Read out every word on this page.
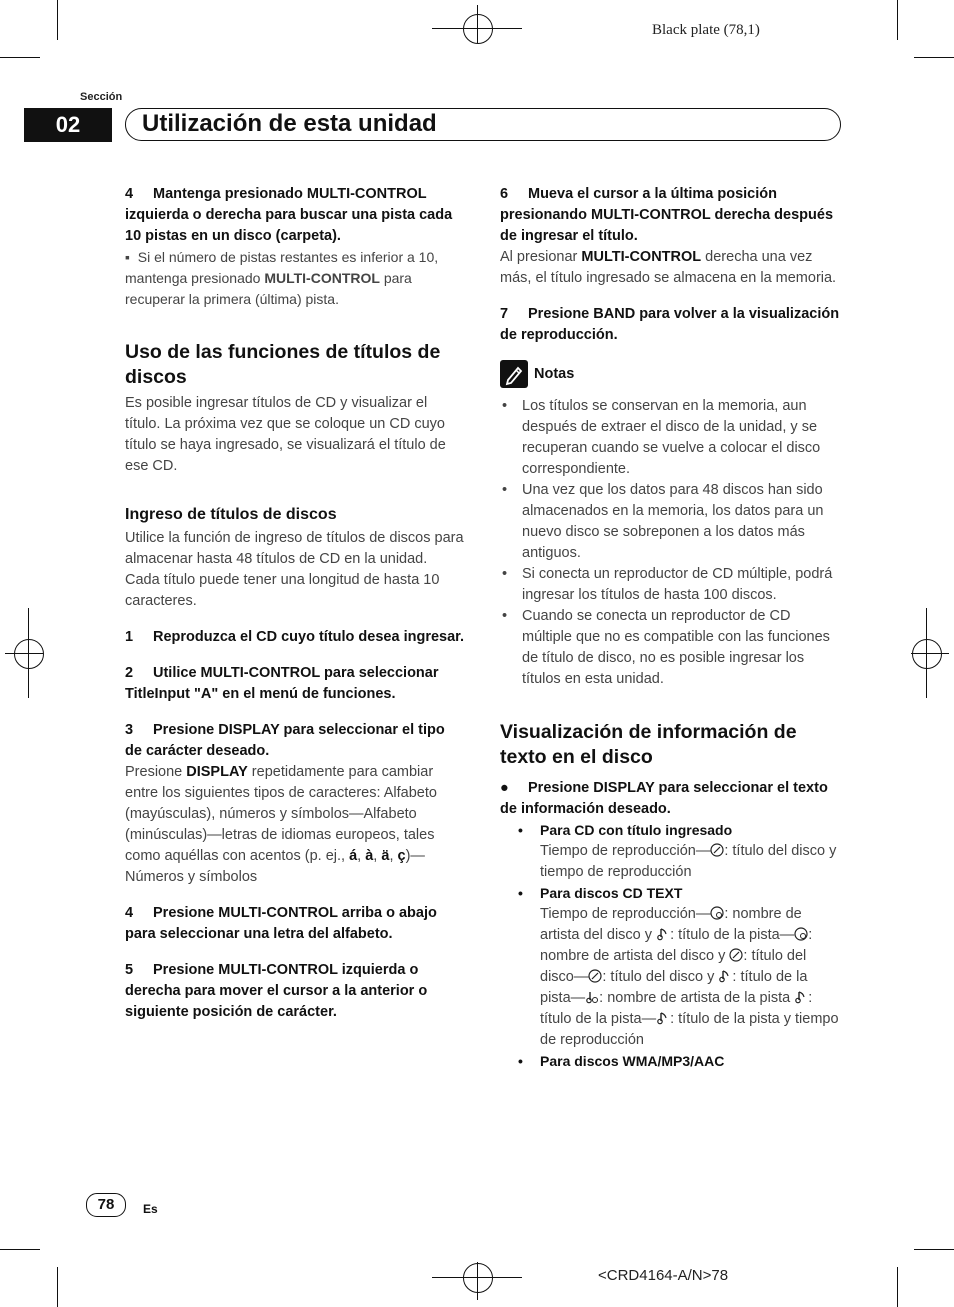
Black plate (78,1)
Sección
02	Utilización de esta unidad

4 Mantenga presionado MULTI-CONTROL izquierda o derecha para buscar una pista cada 10 pistas en un disco (carpeta).

▪  Si el número de pistas restantes es inferior a 10, mantenga presionado MULTI-CONTROL para recuperar la primera (última) pista.

Uso de las funciones de títulos de discos

Es posible ingresar títulos de CD y visualizar el título. La próxima vez que se coloque un CD cuyo título se haya ingresado, se visualizará el título de ese CD.

Ingreso de títulos de discos

Utilice la función de ingreso de títulos de discos para almacenar hasta 48 títulos de CD en la unidad. Cada título puede tener una longitud de hasta 10 caracteres.

1 Reproduzca el CD cuyo título desea ingresar.

2 Utilice MULTI-CONTROL para seleccionar TitleInput "A" en el menú de funciones.

3 Presione DISPLAY para seleccionar el tipo de carácter deseado.

Presione DISPLAY repetidamente para cambiar entre los siguientes tipos de caracteres: Alfabeto (mayúsculas), números y símbolos—Alfabeto (minúsculas)—letras de idiomas europeos, tales como aquéllas con acentos (p. ej., á, à, ä, ç)—Números y símbolos

4 Presione MULTI-CONTROL arriba o abajo para seleccionar una letra del alfabeto.

5 Presione MULTI-CONTROL izquierda o derecha para mover el cursor a la anterior o siguiente posición de carácter.

6 Mueva el cursor a la última posición presionando MULTI-CONTROL derecha después de ingresar el título.

Al presionar MULTI-CONTROL derecha una vez más, el título ingresado se almacena en la memoria.

7 Presione BAND para volver a la visualización de reproducción.

Notas
• Los títulos se conservan en la memoria, aun después de extraer el disco de la unidad, y se recuperan cuando se vuelve a colocar el disco correspondiente.
• Una vez que los datos para 48 discos han sido almacenados en la memoria, los datos para un nuevo disco se sobreponen a los datos más antiguos.
• Si conecta un reproductor de CD múltiple, podrá ingresar los títulos de hasta 100 discos.
• Cuando se conecta un reproductor de CD múltiple que no es compatible con las funciones de título de disco, no es posible ingresar los títulos en esta unidad.

Visualización de información de texto en el disco

● Presione DISPLAY para seleccionar el texto de información deseado.

• Para CD con título ingresado

Tiempo de reproducción— : título del disco y tiempo de reproducción

• Para discos CD TEXT

Tiempo de reproducción— : nombre de artista del disco y : título de la pista— : nombre de artista del disco y : título del disco— : título del disco y : título de la pista— : nombre de artista de la pista : título de la pista— : título de la pista y tiempo de reproducción

• Para discos WMA/MP3/AAC

78	Es
<CRD4164-A/N>78
